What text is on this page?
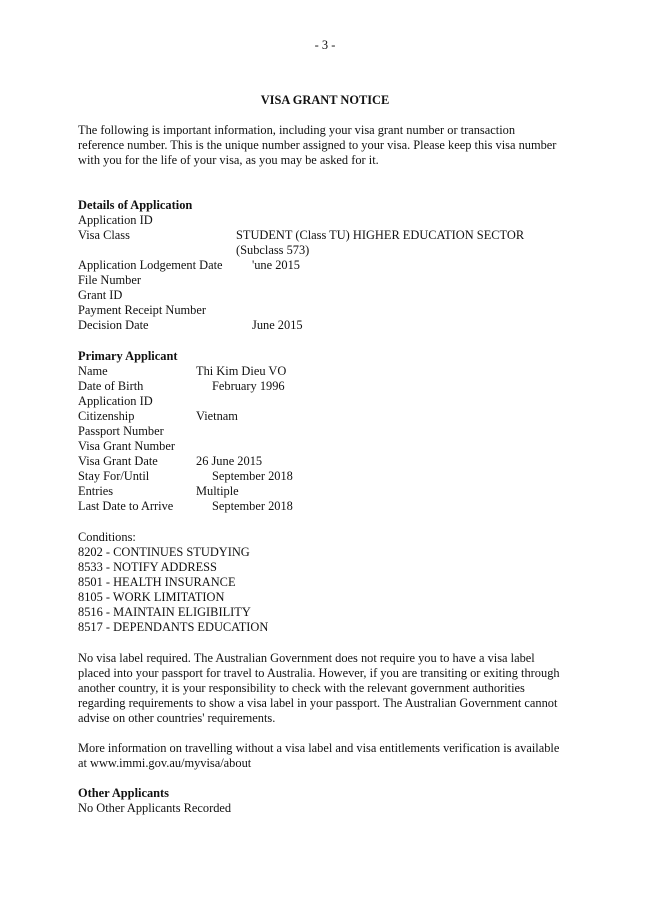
- 3 -
VISA GRANT NOTICE

The following is important information, including your visa grant number or transaction reference number. This is the unique number assigned to your visa. Please keep this visa number with you for the life of your visa, as you may be asked for it.

Details of Application
Application ID
Visa Class	STUDENT (Class TU) HIGHER EDUCATION SECTOR (Subclass 573)
Application Lodgement Date 'une 2015
File Number
Grant ID
Payment Receipt Number
Decision Date	June 2015
Primary Applicant
Name	Thi Kim Dieu VO
Date of Birth	February 1996
Application ID
Citizenship	Vietnam
Passport Number
Visa Grant Number
Visa Grant Date	26 June 2015
Stay For/Until	September 2018
Entries	Multiple
Last Date to Arrive	September 2018
Conditions:
8202 - CONTINUES STUDYING
8533 - NOTIFY ADDRESS
8501 - HEALTH INSURANCE
8105 - WORK LIMITATION
8516 - MAINTAIN ELIGIBILITY
8517 - DEPENDANTS EDUCATION

No visa label required. The Australian Government does not require you to have a visa label placed into your passport for travel to Australia. However, if you are transiting or exiting through another country, it is your responsibility to check with the relevant government authorities regarding requirements to show a visa label in your passport. The Australian Government cannot advise on other countries' requirements.

More information on travelling without a visa label and visa entitlements verification is available at www.immi.gov.au/myvisa/about

Other Applicants
No Other Applicants Recorded
